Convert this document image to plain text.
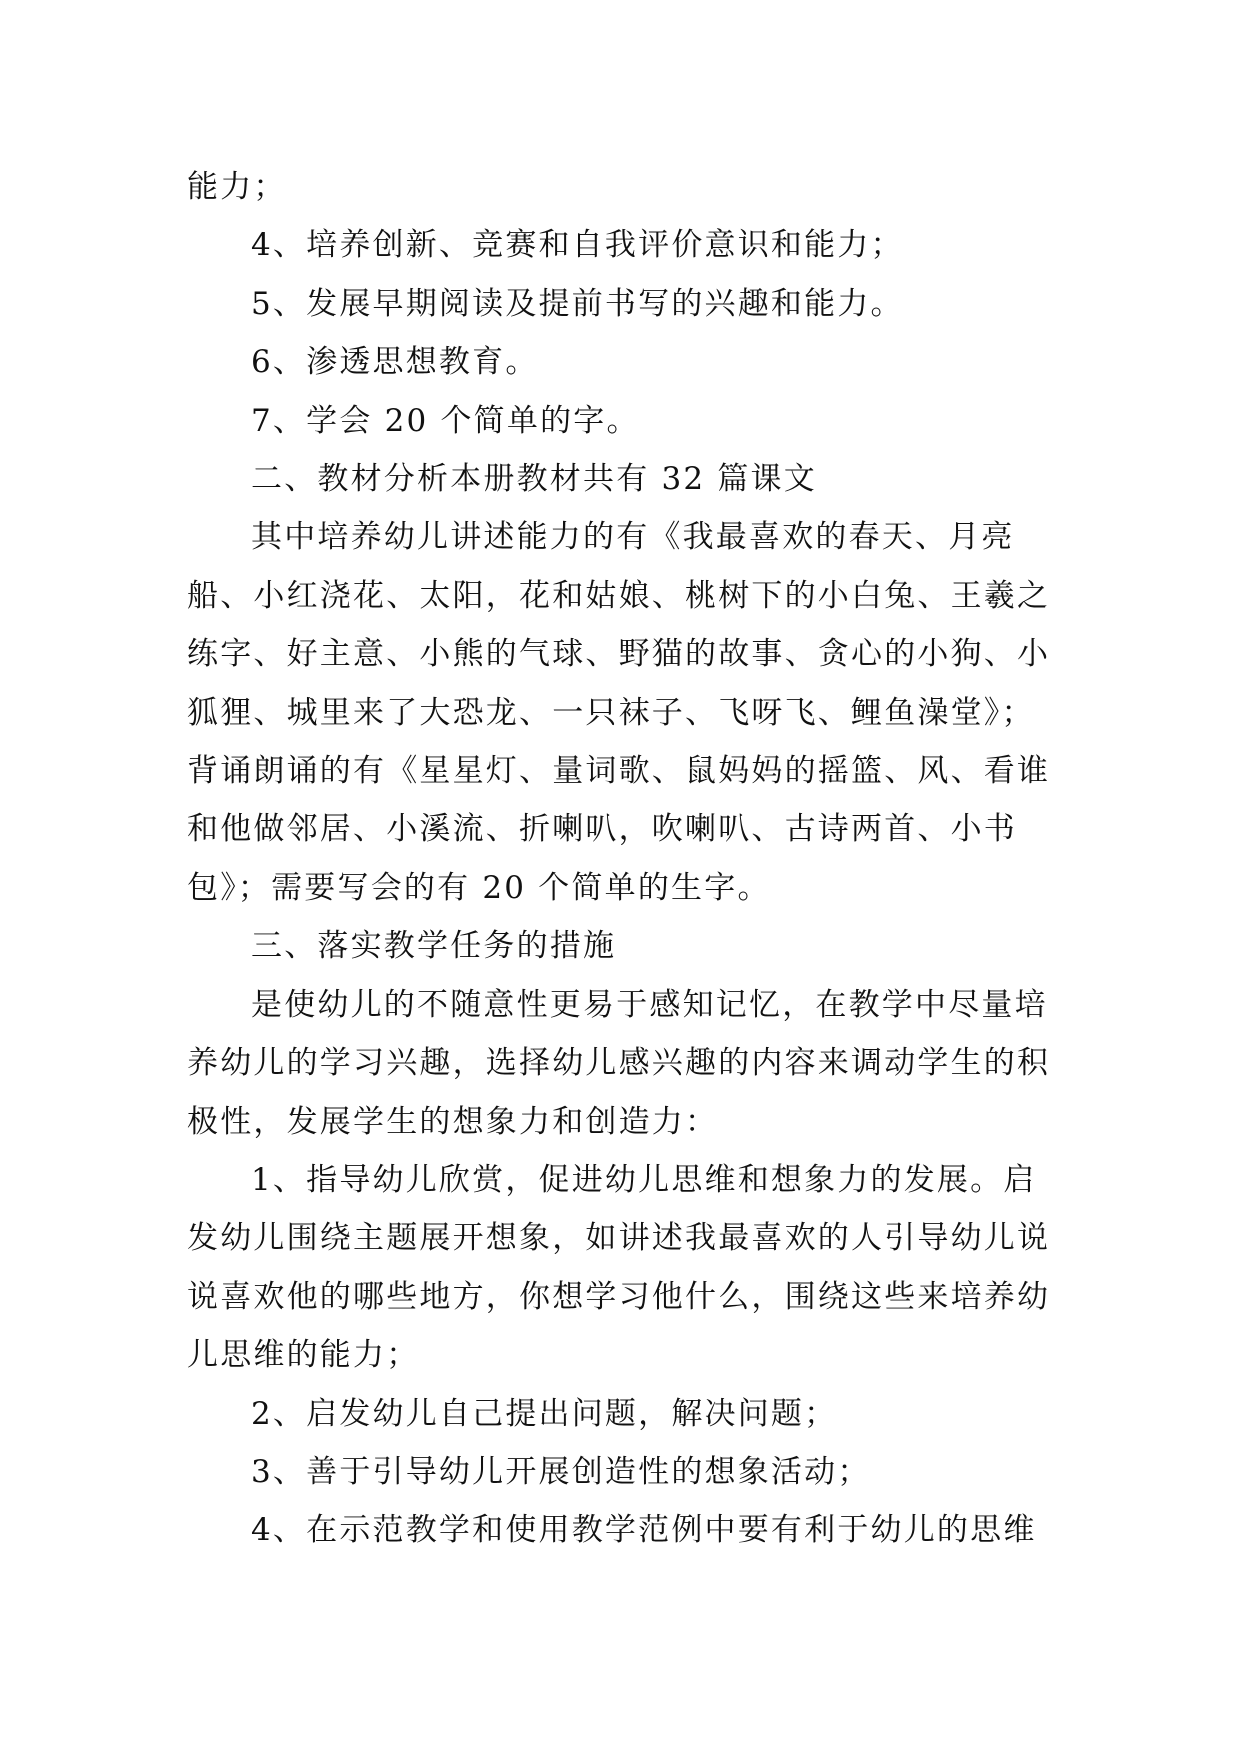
能力；

4、培养创新、竞赛和自我评价意识和能力；

5、发展早期阅读及提前书写的兴趣和能力。

6、渗透思想教育。

7、学会 20 个简单的字。

二、教材分析本册教材共有 32 篇课文

其中培养幼儿讲述能力的有《我最喜欢的春天、月亮船、小红浇花、太阳，花和姑娘、桃树下的小白兔、王羲之练字、好主意、小熊的气球、野猫的故事、贪心的小狗、小狐狸、城里来了大恐龙、一只袜子、飞呀飞、鲤鱼澡堂》；背诵朗诵的有《星星灯、量词歌、鼠妈妈的摇篮、风、看谁和他做邻居、小溪流、折喇叭，吹喇叭、古诗两首、小书包》；需要写会的有 20 个简单的生字。

三、落实教学任务的措施

是使幼儿的不随意性更易于感知记忆，在教学中尽量培养幼儿的学习兴趣，选择幼儿感兴趣的内容来调动学生的积极性，发展学生的想象力和创造力：

1、指导幼儿欣赏，促进幼儿思维和想象力的发展。启发幼儿围绕主题展开想象，如讲述我最喜欢的人引导幼儿说说喜欢他的哪些地方，你想学习他什么，围绕这些来培养幼儿思维的能力；

2、启发幼儿自己提出问题，解决问题；

3、善于引导幼儿开展创造性的想象活动；

4、在示范教学和使用教学范例中要有利于幼儿的思维
